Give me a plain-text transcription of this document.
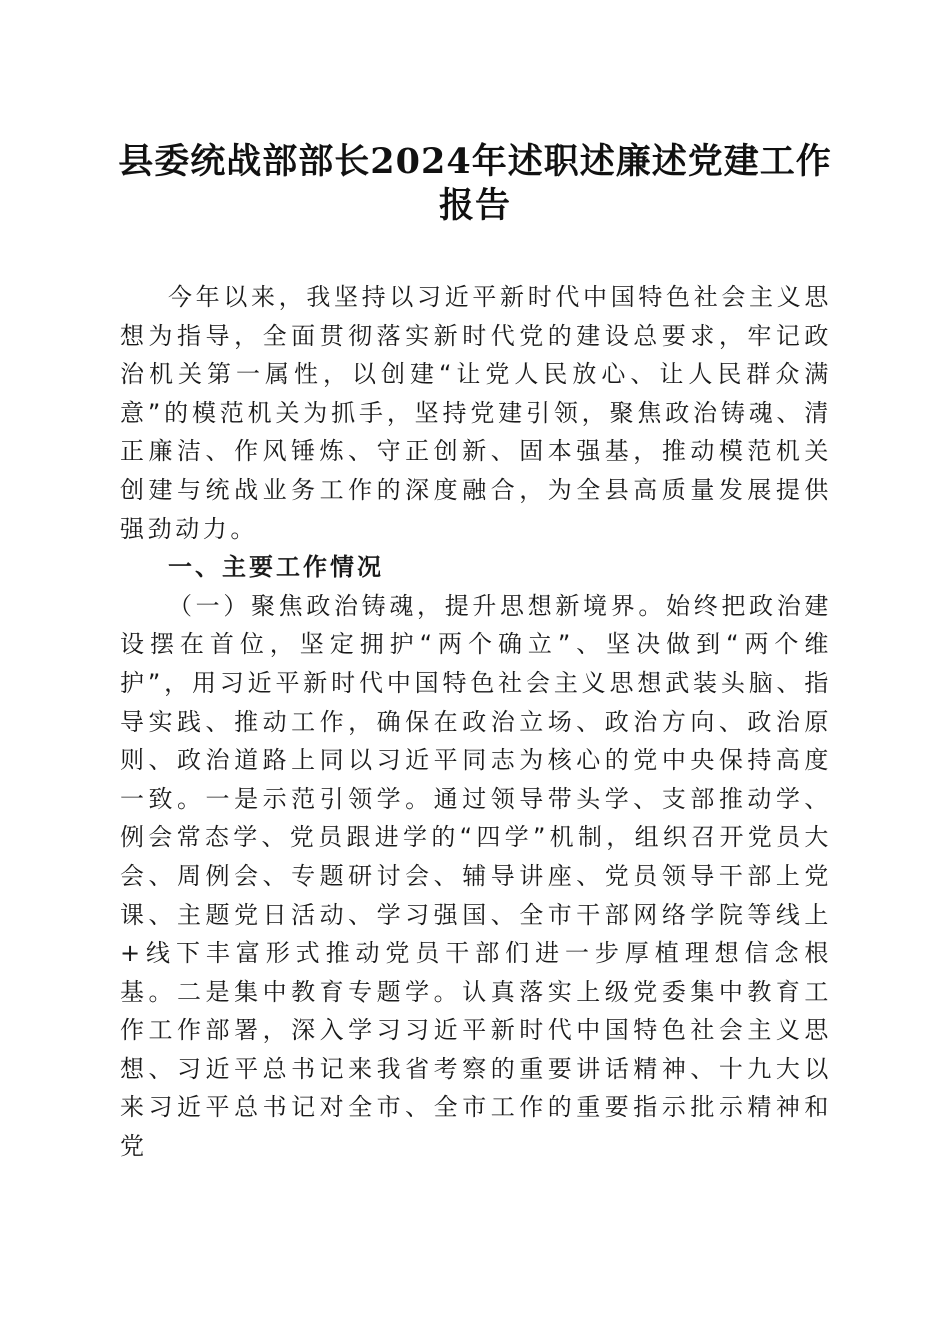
县委统战部部长2024年述职述廉述党建工作
报告

今年以来，我坚持以习近平新时代中国特色社会主义思想为指导，全面贯彻落实新时代党的建设总要求，牢记政治机关第一属性，以创建“让党人民放心、让人民群众满意”的模范机关为抓手，坚持党建引领，聚焦政治铸魂、清正廉洁、作风锤炼、守正创新、固本强基，推动模范机关创建与统战业务工作的深度融合，为全县高质量发展提供强劲动力。

一、主要工作情况

（一）聚焦政治铸魂，提升思想新境界。始终把政治建设摆在首位，坚定拥护“两个确立”、坚决做到“两个维护”，用习近平新时代中国特色社会主义思想武装头脑、指导实践、推动工作，确保在政治立场、政治方向、政治原则、政治道路上同以习近平同志为核心的党中央保持高度一致。一是示范引领学。通过领导带头学、支部推动学、例会常态学、党员跟进学的“四学”机制，组织召开党员大会、周例会、专题研讨会、辅导讲座、党员领导干部上党课、主题党日活动、学习强国、全市干部网络学院等线上+线下丰富形式推动党员干部们进一步厚植理想信念根基。二是集中教育专题学。认真落实上级党委集中教育工作工作部署，深入学习习近平新时代中国特色社会主义思想、习近平总书记来我省考察的重要讲话精神、十九大以来习近平总书记对全市、全市工作的重要指示批示精神和党
